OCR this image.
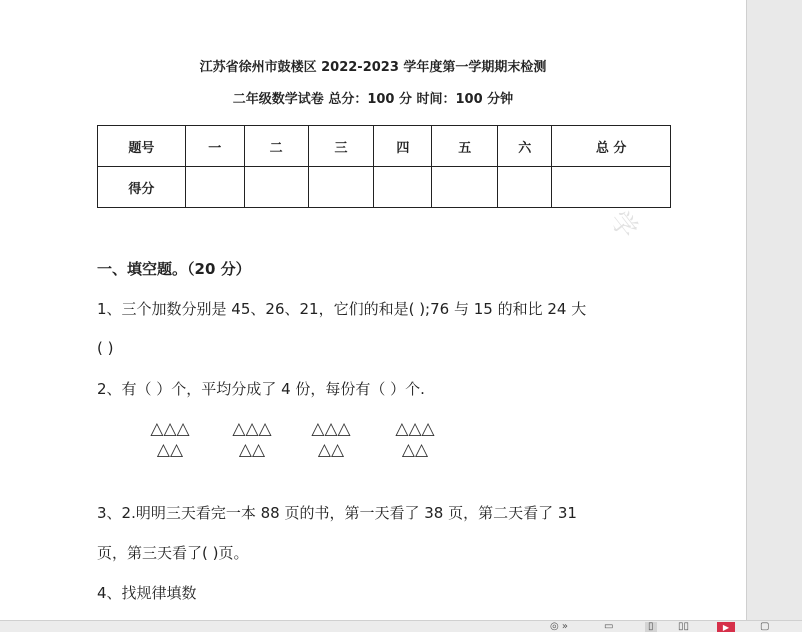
江苏省徐州市鼓楼区 2022-2023 学年度第一学期期末检测
二年级数学试卷 总分：100 分 时间：100 分钟
题号	一	二	三	四	五	六	总 分
得分							
学
一、填空题。（20 分）
1、三个加数分别是 45、26、21，它们的和是( );76 与 15 的和比 24 大
( )
2、有（ ）个，平均分成了 4 份，每份有（ ）个.
△△△
△△
△△△
△△
△△△
△△
△△△
△△
3、2.明明三天看完一本 88 页的书，第一天看了 38 页，第二天看了 31
页，第三天看了( )页。
4、找规律填数
◎ »	▭	▯	▯▯	▶	▢
